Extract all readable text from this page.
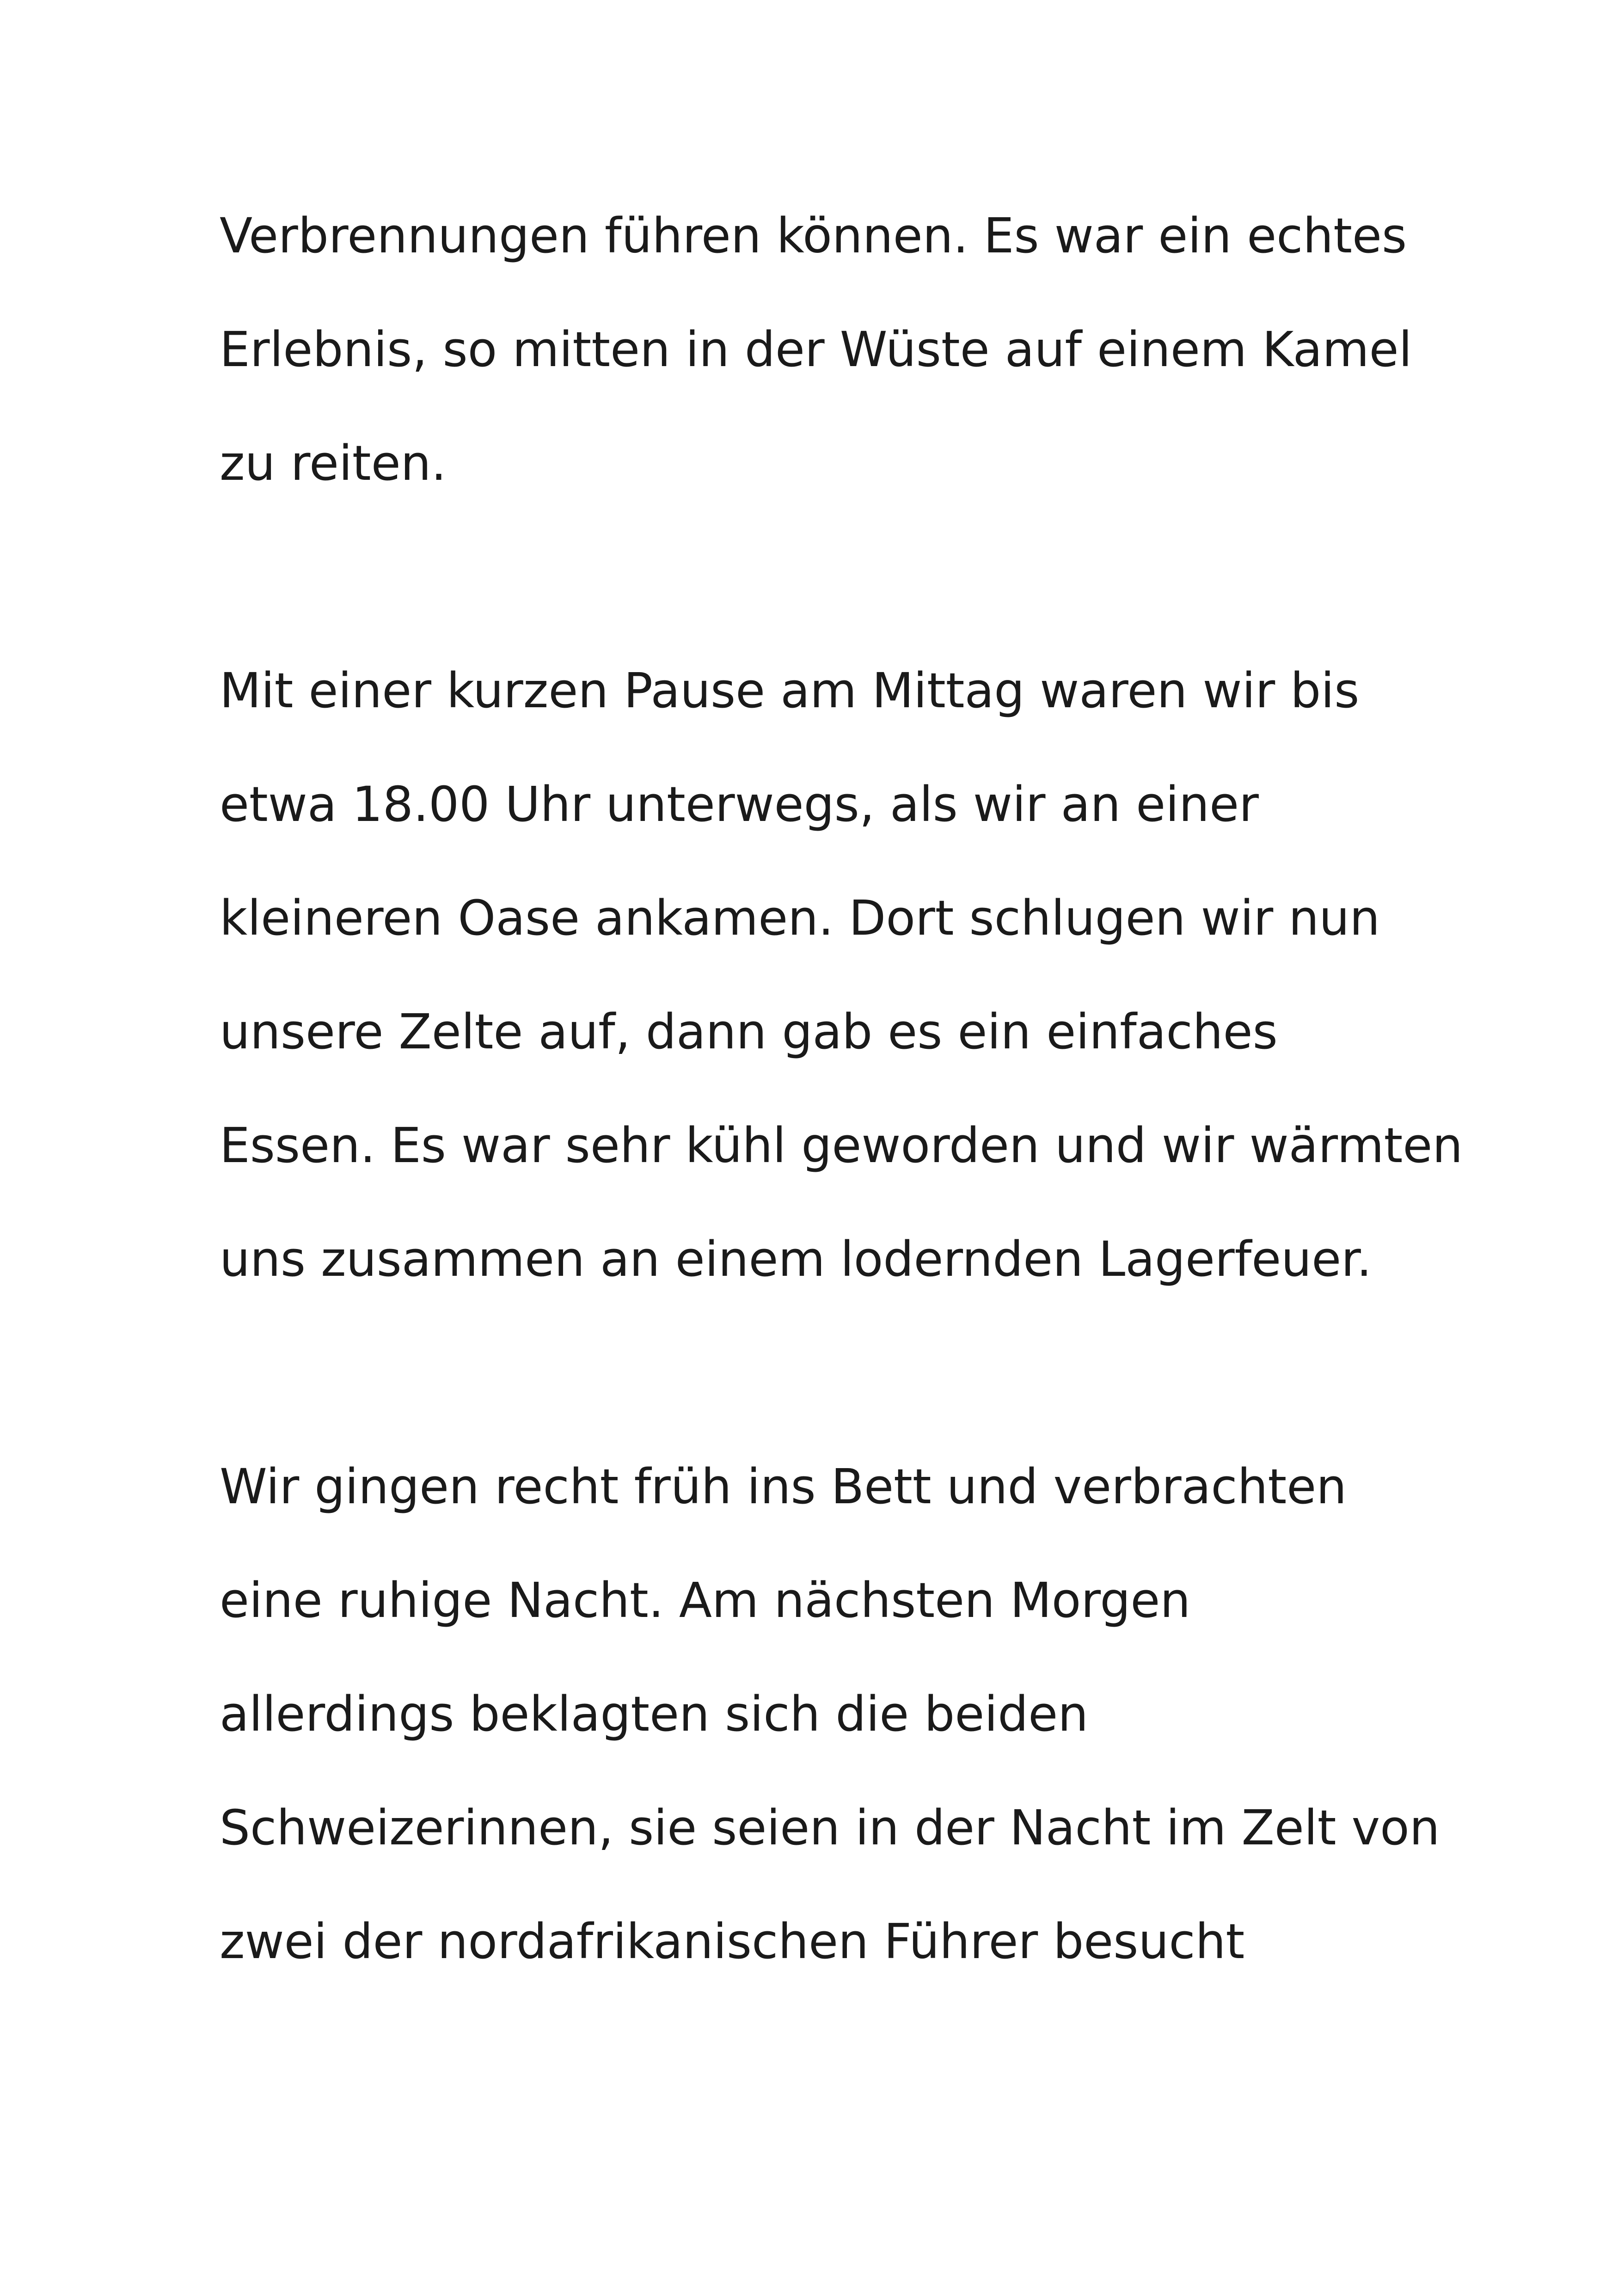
Verbrennungen führen können. Es war ein echtes
Erlebnis, so mitten in der Wüste auf einem Kamel
zu reiten.
Mit einer kurzen Pause am Mittag waren wir bis
etwa 18.00 Uhr unterwegs, als wir an einer
kleineren Oase ankamen. Dort schlugen wir nun
unsere Zelte auf, dann gab es ein einfaches
Essen. Es war sehr kühl geworden und wir wärmten
uns zusammen an einem lodernden Lagerfeuer.
Wir gingen recht früh ins Bett und verbrachten
eine ruhige Nacht. Am nächsten Morgen
allerdings beklagten sich die beiden
Schweizerinnen, sie seien in der Nacht im Zelt von
zwei der nordafrikanischen Führer besucht
